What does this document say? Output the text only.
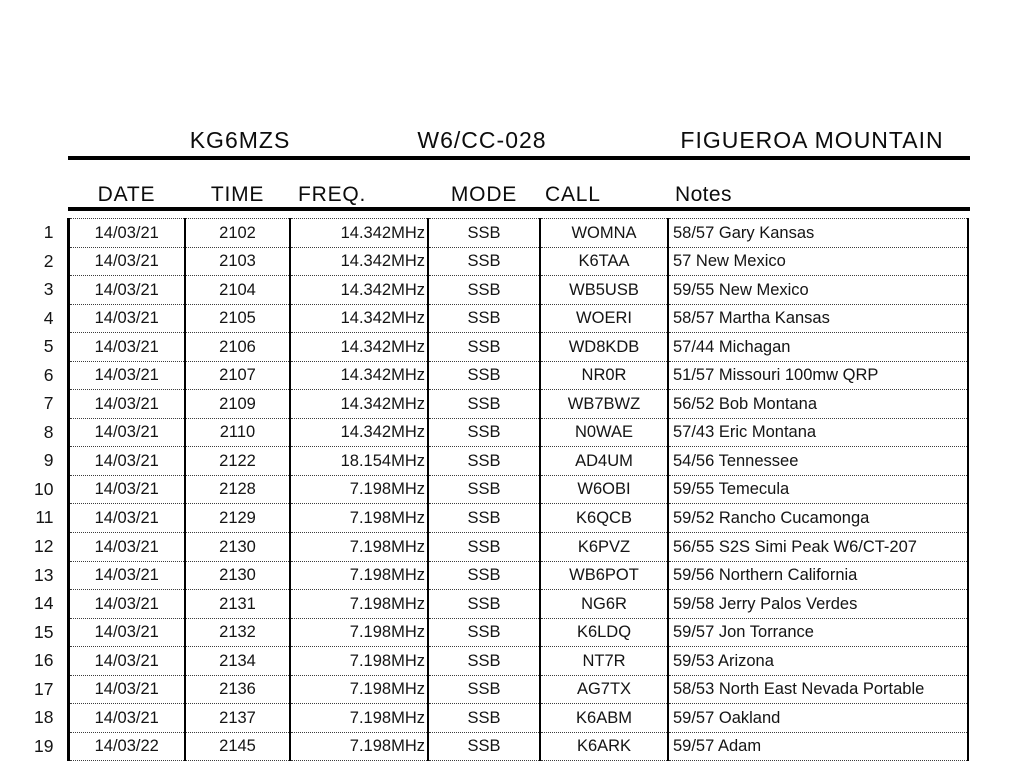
KG6MZS	W6/CC-028	FIGUEROA MOUNTAIN
DATE	TIME	FREQ.	MODE	CALL	Notes
1	14/03/21	2102	14.342MHz	SSB	WOMNA	58/57 Gary Kansas
2	14/03/21	2103	14.342MHz	SSB	K6TAA	57 New Mexico
3	14/03/21	2104	14.342MHz	SSB	WB5USB	59/55 New Mexico
4	14/03/21	2105	14.342MHz	SSB	WOERI	58/57 Martha Kansas
5	14/03/21	2106	14.342MHz	SSB	WD8KDB	57/44 Michagan
6	14/03/21	2107	14.342MHz	SSB	NR0R	51/57 Missouri 100mw QRP
7	14/03/21	2109	14.342MHz	SSB	WB7BWZ	56/52 Bob Montana
8	14/03/21	2110	14.342MHz	SSB	N0WAE	57/43 Eric Montana
9	14/03/21	2122	18.154MHz	SSB	AD4UM	54/56 Tennessee
10	14/03/21	2128	7.198MHz	SSB	W6OBI	59/55 Temecula
11	14/03/21	2129	7.198MHz	SSB	K6QCB	59/52 Rancho Cucamonga
12	14/03/21	2130	7.198MHz	SSB	K6PVZ	56/55 S2S Simi Peak W6/CT-207
13	14/03/21	2130	7.198MHz	SSB	WB6POT	59/56 Northern California
14	14/03/21	2131	7.198MHz	SSB	NG6R	59/58 Jerry Palos Verdes
15	14/03/21	2132	7.198MHz	SSB	K6LDQ	59/57 Jon Torrance
16	14/03/21	2134	7.198MHz	SSB	NT7R	59/53 Arizona
17	14/03/21	2136	7.198MHz	SSB	AG7TX	58/53 North East Nevada Portable
18	14/03/21	2137	7.198MHz	SSB	K6ABM	59/57 Oakland
19	14/03/22	2145	7.198MHz	SSB	K6ARK	59/57 Adam
